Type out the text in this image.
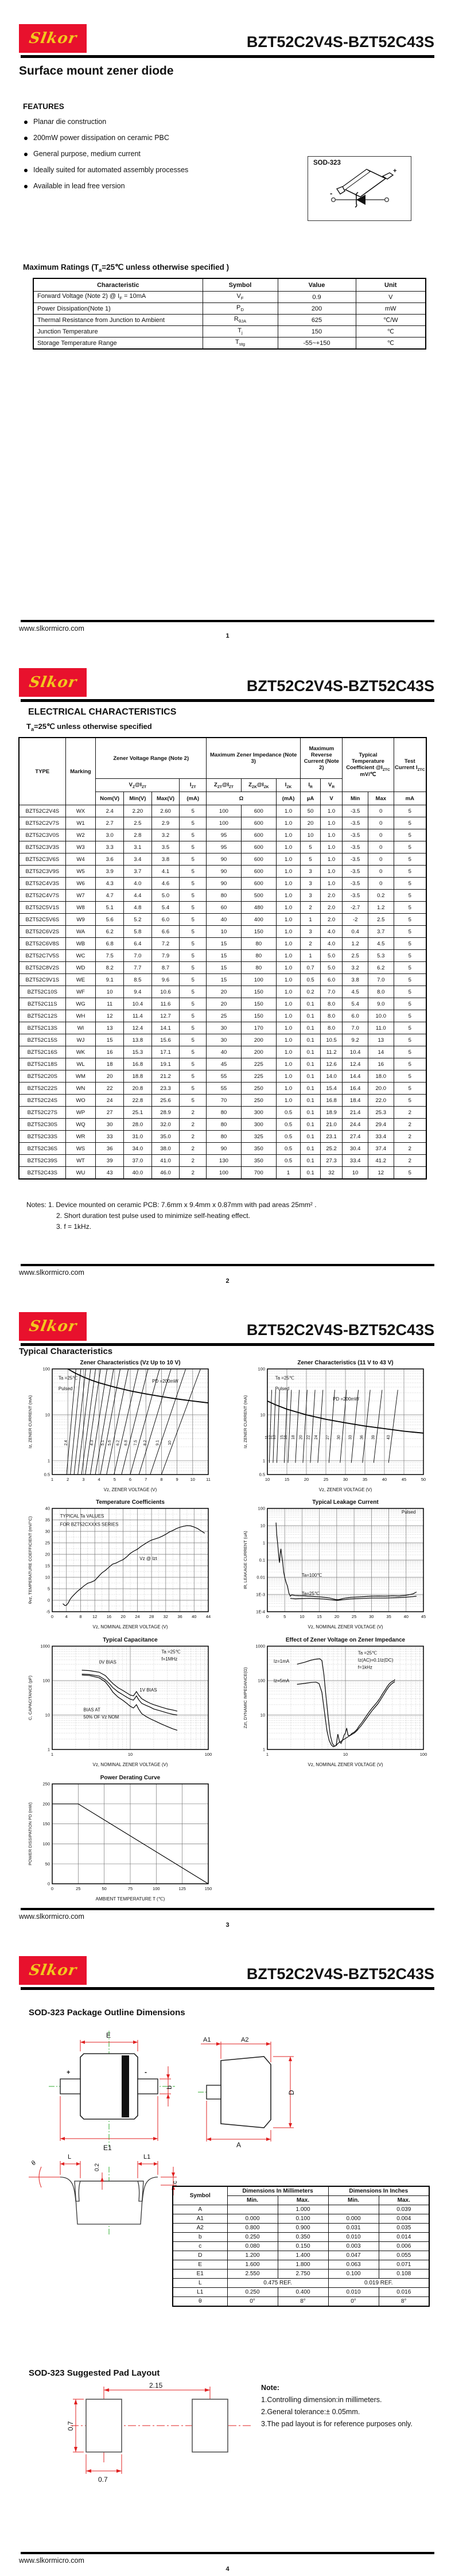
Slkor	BZT52C2V4S-BZT52C43S
Surface mount zener diode
FEATURES
Planar die construction
200mW power dissipation on ceramic PBC
General purpose, medium current
Ideally suited for automated assembly processes
Available in lead free version
SOD-323
+
-
Maximum Ratings ($T_a=25℃$ unless otherwise specified )
Characteristic	Symbol	Value	Unit
Forward Voltage (Note 2) @ $I_F = 10mA$	$V_F$	0.9	V
Power Dissipation(Note 1)	$P_D$	200	mW
Thermal Resistance from Junction to Ambient	$R_{\theta JA}$	625	℃/W
Junction Temperature	$T_j$	150	℃
Storage Temperature Range	$T_{stg}$	-55~+150	℃
www.slkormicro.com
1
Slkor	BZT52C2V4S-BZT52C43S
ELECTRICAL CHARACTERISTICS
$T_a=25℃$ unless otherwise specified
TYPE	Marking	Zener Voltage Range (Note 2)				Maximum Zener Impedance (Note 3)			Maximum Reverse Current (Note 2)		Typical Temperature Coefficient $@I_{ZTC}$ mV/℃		Test Current $I_{ZTC}$
		$V_Z@I_{ZT}$			$I_{ZT}$	$Z_{ZT}@I_{ZT}$	$Z_{ZK}@I_{ZK}$	$I_{ZK}$	$I_R$	$V_R$
		Nom(V)	Min(V)	Max(V)	(mA)	Ω		(mA)	µA	V	Min	Max	mA
BZT52C2V4S	WX	2.4	2.20	2.60	5	100	600	1.0	50	1.0	-3.5	0	5
BZT52C2V7S	W1	2.7	2.5	2.9	5	100	600	1.0	20	1.0	-3.5	0	5
BZT52C3V0S	W2	3.0	2.8	3.2	5	95	600	1.0	10	1.0	-3.5	0	5
BZT52C3V3S	W3	3.3	3.1	3.5	5	95	600	1.0	5	1.0	-3.5	0	5
BZT52C3V6S	W4	3.6	3.4	3.8	5	90	600	1.0	5	1.0	-3.5	0	5
BZT52C3V9S	W5	3.9	3.7	4.1	5	90	600	1.0	3	1.0	-3.5	0	5
BZT52C4V3S	W6	4.3	4.0	4.6	5	90	600	1.0	3	1.0	-3.5	0	5
BZT52C4V7S	W7	4.7	4.4	5.0	5	80	500	1.0	3	2.0	-3.5	0.2	5
BZT52C5V1S	W8	5.1	4.8	5.4	5	60	480	1.0	2	2.0	-2.7	1.2	5
BZT52C5V6S	W9	5.6	5.2	6.0	5	40	400	1.0	1	2.0	-2	2.5	5
BZT52C6V2S	WA	6.2	5.8	6.6	5	10	150	1.0	3	4.0	0.4	3.7	5
BZT52C6V8S	WB	6.8	6.4	7.2	5	15	80	1.0	2	4.0	1.2	4.5	5
BZT52C7V5S	WC	7.5	7.0	7.9	5	15	80	1.0	1	5.0	2.5	5.3	5
BZT52C8V2S	WD	8.2	7.7	8.7	5	15	80	1.0	0.7	5.0	3.2	6.2	5
BZT52C9V1S	WE	9.1	8.5	9.6	5	15	100	1.0	0.5	6.0	3.8	7.0	5
BZT52C10S	WF	10	9.4	10.6	5	20	150	1.0	0.2	7.0	4.5	8.0	5
BZT52C11S	WG	11	10.4	11.6	5	20	150	1.0	0.1	8.0	5.4	9.0	5
BZT52C12S	WH	12	11.4	12.7	5	25	150	1.0	0.1	8.0	6.0	10.0	5
BZT52C13S	WI	13	12.4	14.1	5	30	170	1.0	0.1	8.0	7.0	11.0	5
BZT52C15S	WJ	15	13.8	15.6	5	30	200	1.0	0.1	10.5	9.2	13	5
BZT52C16S	WK	16	15.3	17.1	5	40	200	1.0	0.1	11.2	10.4	14	5
BZT52C18S	WL	18	16.8	19.1	5	45	225	1.0	0.1	12.6	12.4	16	5
BZT52C20S	WM	20	18.8	21.2	5	55	225	1.0	0.1	14.0	14.4	18.0	5
BZT52C22S	WN	22	20.8	23.3	5	55	250	1.0	0.1	15.4	16.4	20.0	5
BZT52C24S	WO	24	22.8	25.6	5	70	250	1.0	0.1	16.8	18.4	22.0	5
BZT52C27S	WP	27	25.1	28.9	2	80	300	0.5	0.1	18.9	21.4	25.3	2
BZT52C30S	WQ	30	28.0	32.0	2	80	300	0.5	0.1	21.0	24.4	29.4	2
BZT52C33S	WR	33	31.0	35.0	2	80	325	0.5	0.1	23.1	27.4	33.4	2
BZT52C36S	WS	36	34.0	38.0	2	90	350	0.5	0.1	25.2	30.4	37.4	2
BZT52C39S	WT	39	37.0	41.0	2	130	350	0.5	0.1	27.3	33.4	41.2	2
BZT52C43S	WU	43	40.0	46.0	2	100	700	1	0.1	32	10	12	5
Notes: 1. Device mounted on ceramic PCB: 7.6mm x 9.4mm x 0.87mm with pad areas 25mm² .
2. Short duration test pulse used to minimize self-heating effect.
3. f = 1kHz.
www.slkormicro.com
2
Slkor	BZT52C2V4S-BZT52C43S
Typical Characteristics
2.4	4.3 5.1 5.6 6.2 6.8 7.5 8.2 9.1 10
1	2	3	4	5	6	7	8	9	10	11
0.5
1
10
100
Ta =25℃
Pulsed
PD =200mW
Zener Characteristics (Vz Up to 10 V)
Vz, ZENER VOLTAGE (V)
Iz, ZENER CURRENT (mA)	11 12 13 15 16 18 20 22 24 27 30 33 36 39	43
10	15	20	25	30	35	40	45	50
0.5
1
10
100
Ta =25℃
Pulsed
PD =200mW
Zener Characteristics (11 V to 43 V)
Vz, ZENER VOLTAGE (V)
Iz, ZENER CURRENT (mA)
0	4	8 12 16 20 24 28 32 36 40 44
-5
0
5
10
15
20
25
30
35
40
TYPICAL Ta VALUES
FOR BZT52CXXXS SERIES
Vz @ Izt
Temperature Coefficients
Vz, NOMINAL ZENER VOLTAGE (V)
θvz, TEMPERATURE COEFFICIENT (mV/°C)
0	5	10	15	20	25	30	35	40	45
1E-4
1E-3
0.01
0.1
1
10
100
Pulsed
Ta=100℃
Ta=25℃
Typical Leakage Current
Vz, NOMINAL ZENER VOLTAGE (V)
IR, LEAKAGE CURRENT (uA)
1	10	100
1
10
100
1000
Ta =25℃
f=1MHz
0V BIAS
1V BIAS
BIAS AT
50% OF Vz NOM
Typical Capacitance
Vz, NOMINAL ZENER VOLTAGE (V)
C, CAPACITANCE (pF)
1	10	100
1
10
100
1000
Ta =25℃
Iz(AC)=0.1Iz(DC)
f=1kHz
Iz=1mA
Iz=5mA
Effect of Zener Voltage on Zener Impedance
Vz, NOMINAL ZENER VOLTAGE (V)
Zzt, DYNAMIC IMPEDANCE(Ω)
0	25	50	75	100	125	150
0
50
100
150
200
250
Power Derating Curve
AMBIENT TEMPERATURE T (℃)
POWER DISSIPATION PD (mW)
www.slkormicro.com
3
Slkor	BZT52C2V4S-BZT52C43S
SOD-323 Package Outline Dimensions
+	-
E
E1
b
A1	A2
D
A
L
θ
0.2
L1
c
Symbol	Dimensions In Millimeters		Dimensions In Inches	
	Min.	Max.	Min.	Max.
A		1.000		0.039
A1	0.000	0.100	0.000	0.004
A2	0.800	0.900	0.031	0.035
b	0.250	0.350	0.010	0.014
c	0.080	0.150	0.003	0.006
D	1.200	1.400	0.047	0.055
E	1.600	1.800	0.063	0.071
E1	2.550	2.750	0.100	0.108
L	0.475 REF.		0.019 REF.	
L1	0.250	0.400	0.010	0.016
θ	0°	8°	0°	8°
SOD-323 Suggested Pad Layout
2.15
0.7
0.7
Note:
1.Controlling dimension:in millimeters.
2.General tolerance:± 0.05mm.
3.The pad layout is for reference purposes only.
www.slkormicro.com
4
